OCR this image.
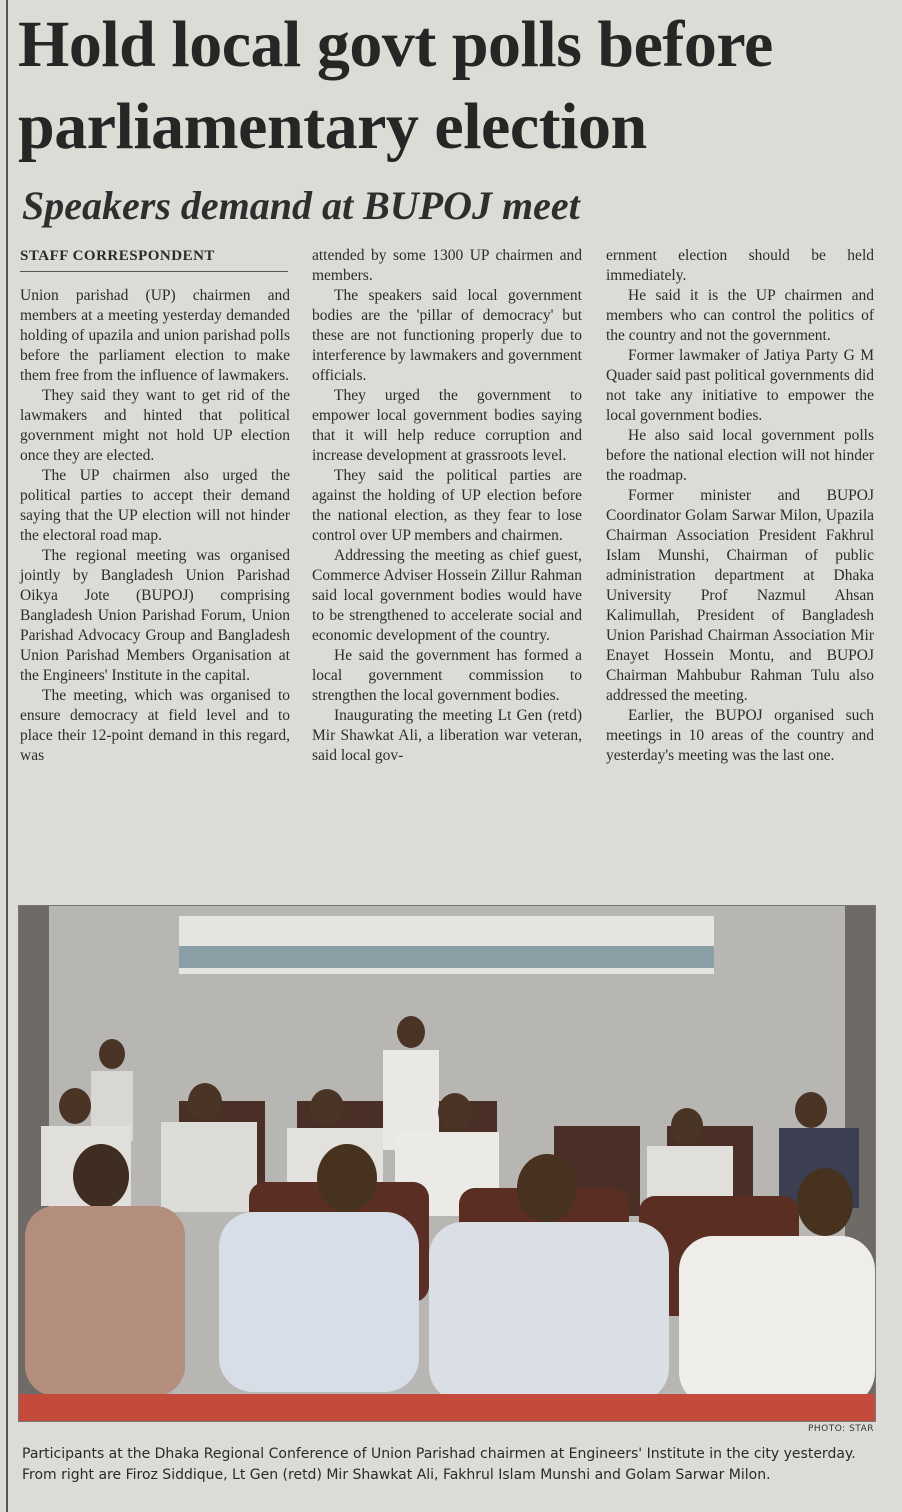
Hold local govt polls before parliamentary election
Speakers demand at BUPOJ meet
STAFF CORRESPONDENT

Union parishad (UP) chairmen and members at a meeting yesterday demanded holding of upazila and union parishad polls before the parliament election to make them free from the influence of lawmakers.

They said they want to get rid of the lawmakers and hinted that political government might not hold UP election once they are elected.

The UP chairmen also urged the political parties to accept their demand saying that the UP election will not hinder the electoral road map.

The regional meeting was organised jointly by Bangladesh Union Parishad Oikya Jote (BUPOJ) comprising Bangladesh Union Parishad Forum, Union Parishad Advocacy Group and Bangladesh Union Parishad Members Organisation at the Engineers' Institute in the capital.

The meeting, which was organised to ensure democracy at field level and to place their 12-point demand in this regard, was

attended by some 1300 UP chairmen and members.

The speakers said local government bodies are the 'pillar of democracy' but these are not functioning properly due to interference by lawmakers and government officials.

They urged the government to empower local government bodies saying that it will help reduce corruption and increase development at grassroots level.

They said the political parties are against the holding of UP election before the national election, as they fear to lose control over UP members and chairmen.

Addressing the meeting as chief guest, Commerce Adviser Hossein Zillur Rahman said local government bodies would have to be strengthened to accelerate social and economic development of the country.

He said the government has formed a local government commission to strengthen the local government bodies.

Inaugurating the meeting Lt Gen (retd) Mir Shawkat Ali, a liberation war veteran, said local gov-

ernment election should be held immediately.

He said it is the UP chairmen and members who can control the politics of the country and not the government.

Former lawmaker of Jatiya Party G M Quader said past political governments did not take any initiative to empower the local government bodies.

He also said local government polls before the national election will not hinder the roadmap.

Former minister and BUPOJ Coordinator Golam Sarwar Milon, Upazila Chairman Association President Fakhrul Islam Munshi, Chairman of public administration department at Dhaka University Prof Nazmul Ahsan Kalimullah, President of Bangladesh Union Parishad Chairman Association Mir Enayet Hossein Montu, and BUPOJ Chairman Mahbubur Rahman Tulu also addressed the meeting.

Earlier, the BUPOJ organised such meetings in 10 areas of the country and yesterday's meeting was the last one.

PHOTO: STAR
Participants at the Dhaka Regional Conference of Union Parishad chairmen at Engineers' Institute in the city yesterday. From right are Firoz Siddique, Lt Gen (retd) Mir Shawkat Ali, Fakhrul Islam Munshi and Golam Sarwar Milon.
